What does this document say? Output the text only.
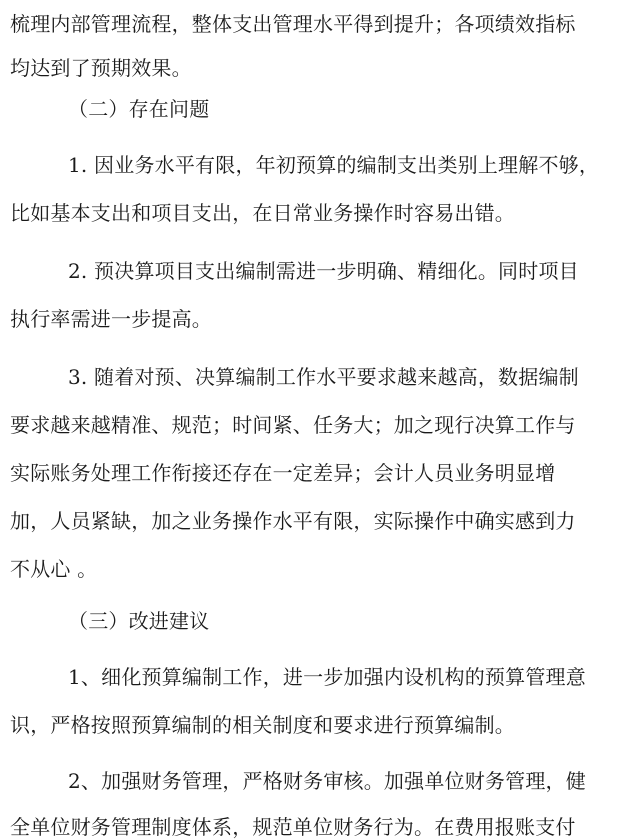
梳理内部管理流程，整体支出管理水平得到提升；各项绩效指标
均达到了预期效果。
（二）存在问题
1. 因业务水平有限，年初预算的编制支出类别上理解不够，
比如基本支出和项目支出，在日常业务操作时容易出错。
2. 预决算项目支出编制需进一步明确、精细化。同时项目
执行率需进一步提高。
3. 随着对预、决算编制工作水平要求越来越高，数据编制
要求越来越精准、规范；时间紧、任务大；加之现行决算工作与
实际账务处理工作衔接还存在一定差异；会计人员业务明显增
加，人员紧缺，加之业务操作水平有限，实际操作中确实感到力
不从心 。
（三）改进建议
1、细化预算编制工作，进一步加强内设机构的预算管理意
识，严格按照预算编制的相关制度和要求进行预算编制。
2、加强财务管理，严格财务审核。加强单位财务管理，健
全单位财务管理制度体系，规范单位财务行为。在费用报账支付
